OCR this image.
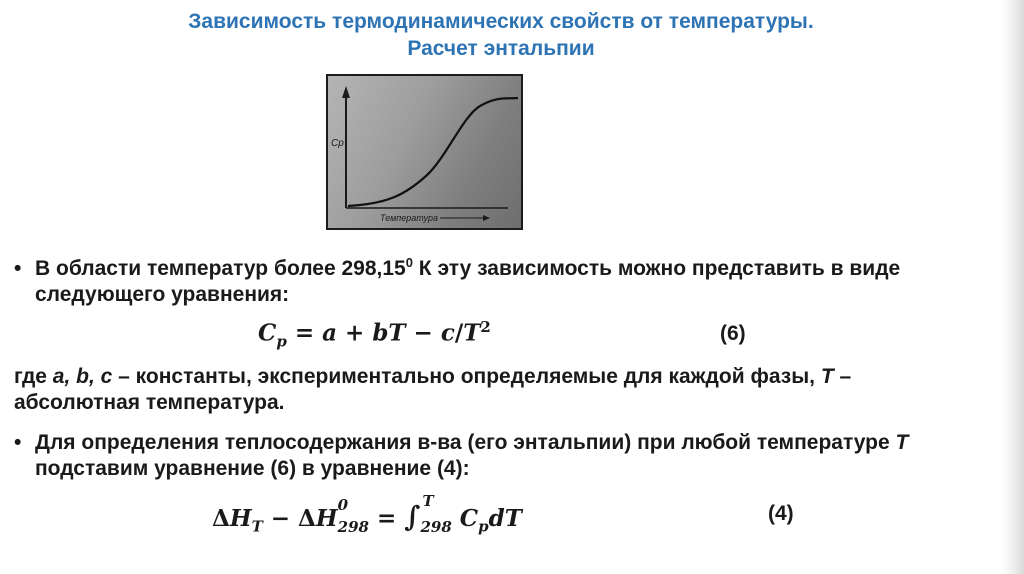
Зависимость термодинамических свойств от температуры.
Расчет энтальпии
Cp
Температура

• В области температур более 298,15$^0$ К эту зависимость можно представить в виде
следующего уравнения:

$C_p = a$ + bT − $c/T^2$	(6)

где a, b, c – константы, экспериментально определяемые для каждой фазы, T –
абсолютная температура.

• Для определения теплосодержания в-ва (его энтальпии) при любой температуре T
подставим уравнение (6) в уравнение (4):

$\Delta H_T - \Delta H$
$_{0 298}$ = ∫ $_{T 298}$ $C_pdT$	(4)
